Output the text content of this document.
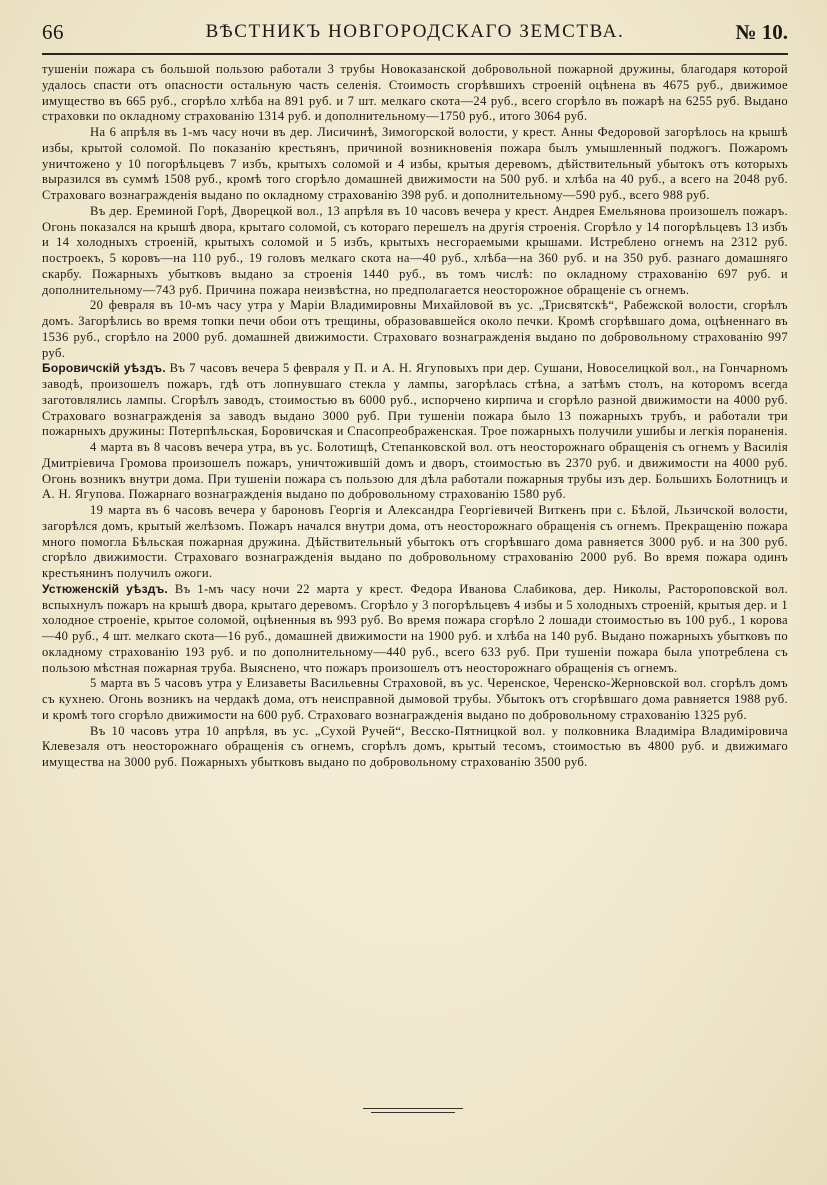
66	ВѢСТНИКЪ НОВГОРОДСКАГО ЗЕМСТВА.	№ 10.

тушеніи пожара съ большой пользою работали 3 трубы Новоказанской добровольной пожарной дружины, благодаря которой удалось спасти отъ опасности остальную часть селенія. Стоимость сгорѣвшихъ строеній оцѣнена въ 4675 руб., движимое имущество въ 665 руб., сгорѣло хлѣба на 891 руб. и 7 шт. мелкаго скота—24 руб., всего сгорѣло въ пожарѣ на 6255 руб. Выдано страховки по окладному страхованію 1314 руб. и дополнительному—1750 руб., итого 3064 руб.

На 6 апрѣля въ 1-мъ часу ночи въ дер. Лисичинѣ, Зимогорской волости, у крест. Анны Федоровой загорѣлось на крышѣ избы, крытой соломой. По показанію крестьянъ, причиной возникновенія пожара былъ умышленный поджогъ. Пожаромъ уничтожено у 10 погорѣльцевъ 7 избъ, крытыхъ соломой и 4 избы, крытыя деревомъ, дѣйствительный убытокъ отъ которыхъ выразился въ суммѣ 1508 руб., кромѣ того сгорѣло домашней движимости на 500 руб. и хлѣба на 40 руб., а всего на 2048 руб. Страховаго вознагражденія выдано по окладному страхованію 398 руб. и дополнительному—590 руб., всего 988 руб.

Въ дер. Ереминой Горѣ, Дворецкой вол., 13 апрѣля въ 10 часовъ вечера у крест. Андрея Емельянова произошелъ пожаръ. Огонь показался на крышѣ двора, крытаго соломой, съ котораго перешелъ на другія строенія. Сгорѣло у 14 погорѣльцевъ 13 избъ и 14 холодныхъ строеній, крытыхъ соломой и 5 избъ, крытыхъ несгораемыми крышами. Истреблено огнемъ на 2312 руб. построекъ, 5 коровъ—на 110 руб., 19 головъ мелкаго скота на—40 руб., хлѣба—на 360 руб. и на 350 руб. разнаго домашняго скарбу. Пожарныхъ убытковъ выдано за строенія 1440 руб., въ томъ числѣ: по окладному страхованію 697 руб. и дополнительному—743 руб. Причина пожара неизвѣстна, но предполагается неосторожное обращеніе съ огнемъ.

20 февраля въ 10-мъ часу утра у Маріи Владимировны Михайловой въ ус. „Трисвятскѣ“, Рабежской волости, сгорѣлъ домъ. Загорѣлись во время топки печи обои отъ трещины, образовавшейся около печки. Кромѣ сгорѣвшаго дома, оцѣненнаго въ 1536 руб., сгорѣло на 2000 руб. домашней движимости. Страховаго вознагражденія выдано по добровольному страхованію 997 руб.

Боровичскій уѣздъ. Въ 7 часовъ вечера 5 февраля у П. и А. Н. Ягуповыхъ при дер. Сушани, Новоселицкой вол., на Гончарномъ заводѣ, произошелъ пожаръ, гдѣ отъ лопнувшаго стекла у лампы, загорѣлась стѣна, а затѣмъ столъ, на которомъ всегда заготовлялись лампы. Сгорѣлъ заводъ, стоимостью въ 6000 руб., испорчено кирпича и сгорѣло разной движимости на 4000 руб. Страховаго вознагражденія за заводъ выдано 3000 руб. При тушеніи пожара было 13 пожарныхъ трубъ, и работали три пожарныхъ дружины: Потерпѣльская, Боровичская и Спасопреображенская. Трое пожарныхъ получили ушибы и легкія пораненія.

4 марта въ 8 часовъ вечера утра, въ ус. Болотищѣ, Степанковской вол. отъ неосторожнаго обращенія съ огнемъ у Василія Дмитріевича Громова произошелъ пожаръ, уничтожившій домъ и дворъ, стоимостью въ 2370 руб. и движимости на 4000 руб. Огонь возникъ внутри дома. При тушеніи пожара съ пользою для дѣла работали пожарныя трубы изъ дер. Большихъ Болотницъ и А. Н. Ягупова. Пожарнаго вознагражденія выдано по добровольному страхованію 1580 руб.

19 марта въ 6 часовъ вечера у бароновъ Георгія и Александра Георгіевичей Виткенъ при с. Бѣлой, Льзичской волости, загорѣлся домъ, крытый желѣзомъ. Пожаръ начался внутри дома, отъ неосторожнаго обращенія съ огнемъ. Прекращенію пожара много помогла Бѣльская пожарная дружина. Дѣйствительный убытокъ отъ сгорѣвшаго дома равняется 3000 руб. и на 300 руб. сгорѣло движимости. Страховаго вознагражденія выдано по добровольному страхованію 2000 руб. Во время пожара одинъ крестьянинъ получилъ ожоги.

Устюженскій уѣздъ. Въ 1-мъ часу ночи 22 марта у крест. Федора Иванова Слабикова, дер. Николы, Растороповской вол. вспыхнулъ пожаръ на крышѣ двора, крытаго деревомъ. Сгорѣло у 3 погорѣльцевъ 4 избы и 5 холодныхъ строеній, крытыя дер. и 1 холодное строеніе, крытое соломой, оцѣненныя въ 993 руб. Во время пожара сгорѣло 2 лошади стоимостью въ 100 руб., 1 корова—40 руб., 4 шт. мелкаго скота—16 руб., домашней движимости на 1900 руб. и хлѣба на 140 руб. Выдано пожарныхъ убытковъ по окладному страхованію 193 руб. и по дополнительному—440 руб., всего 633 руб. При тушеніи пожара была употреблена съ пользою мѣстная пожарная труба. Выяснено, что пожаръ произошелъ отъ неосторожнаго обращенія съ огнемъ.

5 марта въ 5 часовъ утра у Елизаветы Васильевны Страховой, въ ус. Черенское, Черенско-Жерновской вол. сгорѣлъ домъ съ кухнею. Огонь возникъ на чердакѣ дома, отъ неисправной дымовой трубы. Убытокъ отъ сгорѣвшаго дома равняется 1988 руб. и кромѣ того сгорѣло движимости на 600 руб. Страховаго вознагражденія выдано по добровольному страхованію 1325 руб.

Въ 10 часовъ утра 10 апрѣля, въ ус. „Сухой Ручей“, Весско-Пятницкой вол. у полковника Владиміра Владиміровича Клевезаля отъ неосторожнаго обращенія съ огнемъ, сгорѣлъ домъ, крытый тесомъ, стоимостью въ 4800 руб. и движимаго имущества на 3000 руб. Пожарныхъ убытковъ выдано по добровольному страхованію 3500 руб.
